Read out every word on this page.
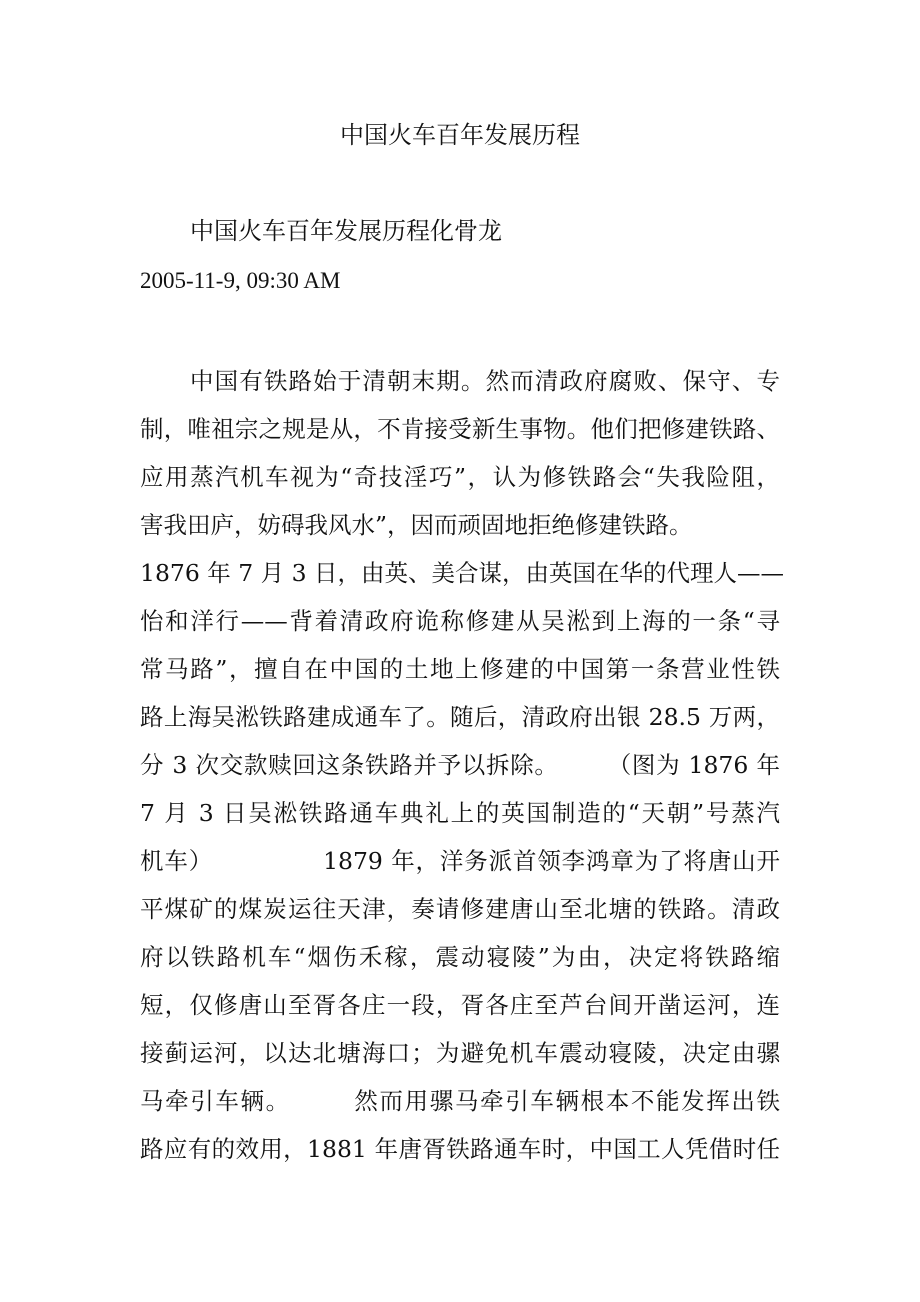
中国火车百年发展历程
中国火车百年发展历程化骨龙
2005-11-9, 09:30 AM
中国有铁路始于清朝末期。然而清政府腐败、保守、专
制，唯祖宗之规是从，不肯接受新生事物。他们把修建铁路、
应用蒸汽机车视为“奇技淫巧”，认为修铁路会“失我险阻，
害我田庐，妨碍我风水”，因而顽固地拒绝修建铁路。
1876 年 7 月 3 日，由英、美合谋，由英国在华的代理人——
怡和洋行——背着清政府诡称修建从吴淞到上海的一条“寻
常马路”，擅自在中国的土地上修建的中国第一条营业性铁
路上海吴淞铁路建成通车了。随后，清政府出银 28.5 万两，
分 3 次交款赎回这条铁路并予以拆除。　　　（图为 1876 年
7 月 3 日吴淞铁路通车典礼上的英国制造的“天朝”号蒸汽
机车）　　　　　1879 年，洋务派首领李鸿章为了将唐山开
平煤矿的煤炭运往天津，奏请修建唐山至北塘的铁路。清政
府以铁路机车“烟伤禾稼，震动寝陵”为由，决定将铁路缩
短，仅修唐山至胥各庄一段，胥各庄至芦台间开凿运河，连
接蓟运河，以达北塘海口；为避免机车震动寝陵，决定由骡
马牵引车辆。　　　然而用骡马牵引车辆根本不能发挥出铁
路应有的效用，1881 年唐胥铁路通车时，中国工人凭借时任
